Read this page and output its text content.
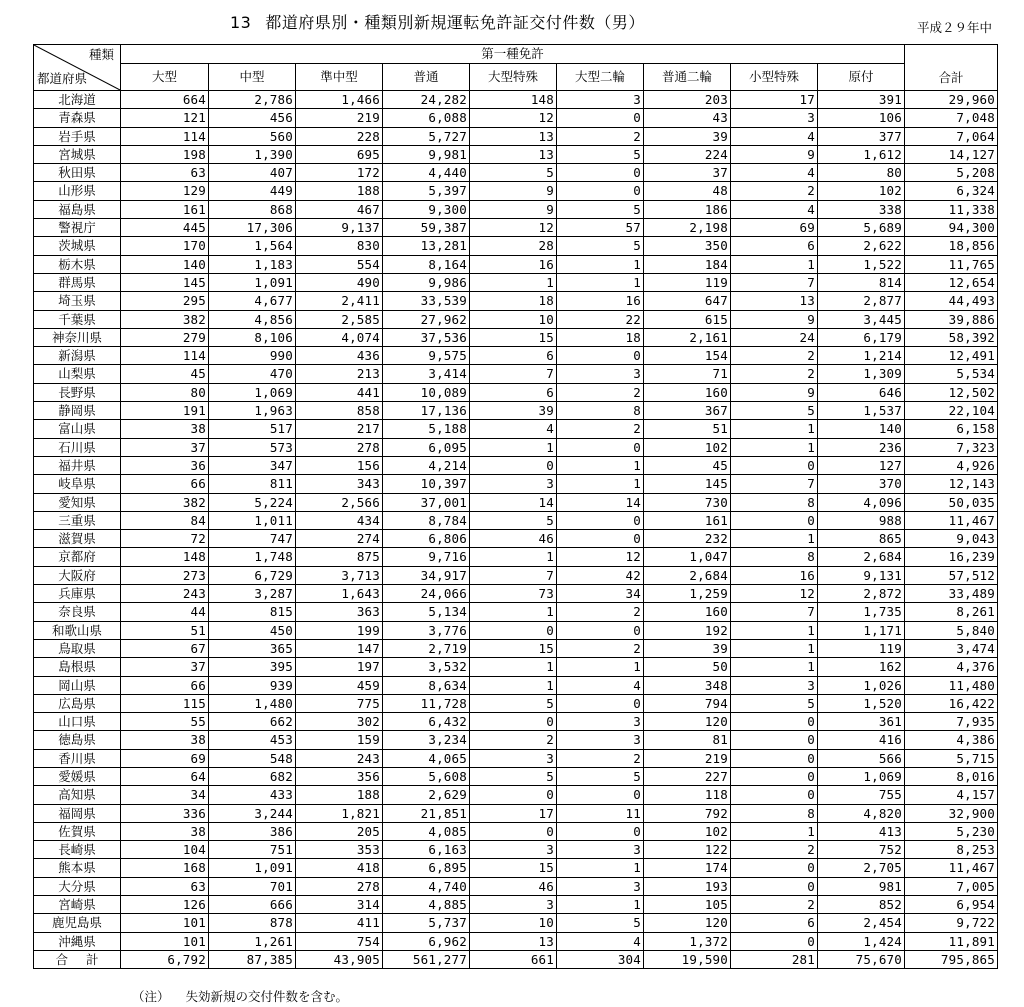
13 都道府県別・種類別新規運転免許証交付件数（男）	平成２９年中
種類
都道府県	第一種免許									合計
	大型	中型	準中型	普通	大型特殊	大型二輪	普通二輪	小型特殊	原付	
北海道	664	2,786	1,466	24,282	148	3	203	17	391	29,960
青森県	121	456	219	6,088	12	0	43	3	106	7,048
岩手県	114	560	228	5,727	13	2	39	4	377	7,064
宮城県	198	1,390	695	9,981	13	5	224	9	1,612	14,127
秋田県	63	407	172	4,440	5	0	37	4	80	5,208
山形県	129	449	188	5,397	9	0	48	2	102	6,324
福島県	161	868	467	9,300	9	5	186	4	338	11,338
警視庁	445	17,306	9,137	59,387	12	57	2,198	69	5,689	94,300
茨城県	170	1,564	830	13,281	28	5	350	6	2,622	18,856
栃木県	140	1,183	554	8,164	16	1	184	1	1,522	11,765
群馬県	145	1,091	490	9,986	1	1	119	7	814	12,654
埼玉県	295	4,677	2,411	33,539	18	16	647	13	2,877	44,493
千葉県	382	4,856	2,585	27,962	10	22	615	9	3,445	39,886
神奈川県	279	8,106	4,074	37,536	15	18	2,161	24	6,179	58,392
新潟県	114	990	436	9,575	6	0	154	2	1,214	12,491
山梨県	45	470	213	3,414	7	3	71	2	1,309	5,534
長野県	80	1,069	441	10,089	6	2	160	9	646	12,502
静岡県	191	1,963	858	17,136	39	8	367	5	1,537	22,104
富山県	38	517	217	5,188	4	2	51	1	140	6,158
石川県	37	573	278	6,095	1	0	102	1	236	7,323
福井県	36	347	156	4,214	0	1	45	0	127	4,926
岐阜県	66	811	343	10,397	3	1	145	7	370	12,143
愛知県	382	5,224	2,566	37,001	14	14	730	8	4,096	50,035
三重県	84	1,011	434	8,784	5	0	161	0	988	11,467
滋賀県	72	747	274	6,806	46	0	232	1	865	9,043
京都府	148	1,748	875	9,716	1	12	1,047	8	2,684	16,239
大阪府	273	6,729	3,713	34,917	7	42	2,684	16	9,131	57,512
兵庫県	243	3,287	1,643	24,066	73	34	1,259	12	2,872	33,489
奈良県	44	815	363	5,134	1	2	160	7	1,735	8,261
和歌山県	51	450	199	3,776	0	0	192	1	1,171	5,840
鳥取県	67	365	147	2,719	15	2	39	1	119	3,474
島根県	37	395	197	3,532	1	1	50	1	162	4,376
岡山県	66	939	459	8,634	1	4	348	3	1,026	11,480
広島県	115	1,480	775	11,728	5	0	794	5	1,520	16,422
山口県	55	662	302	6,432	0	3	120	0	361	7,935
徳島県	38	453	159	3,234	2	3	81	0	416	4,386
香川県	69	548	243	4,065	3	2	219	0	566	5,715
愛媛県	64	682	356	5,608	5	5	227	0	1,069	8,016
高知県	34	433	188	2,629	0	0	118	0	755	4,157
福岡県	336	3,244	1,821	21,851	17	11	792	8	4,820	32,900
佐賀県	38	386	205	4,085	0	0	102	1	413	5,230
長崎県	104	751	353	6,163	3	3	122	2	752	8,253
熊本県	168	1,091	418	6,895	15	1	174	0	2,705	11,467
大分県	63	701	278	4,740	46	3	193	0	981	7,005
宮崎県	126	666	314	4,885	3	1	105	2	852	6,954
鹿児島県	101	878	411	5,737	10	5	120	6	2,454	9,722
沖縄県	101	1,261	754	6,962	13	4	1,372	0	1,424	11,891
合計	6,792	87,385	43,905	561,277	661	304	19,590	281	75,670	795,865
（注） 失効新規の交付件数を含む。
